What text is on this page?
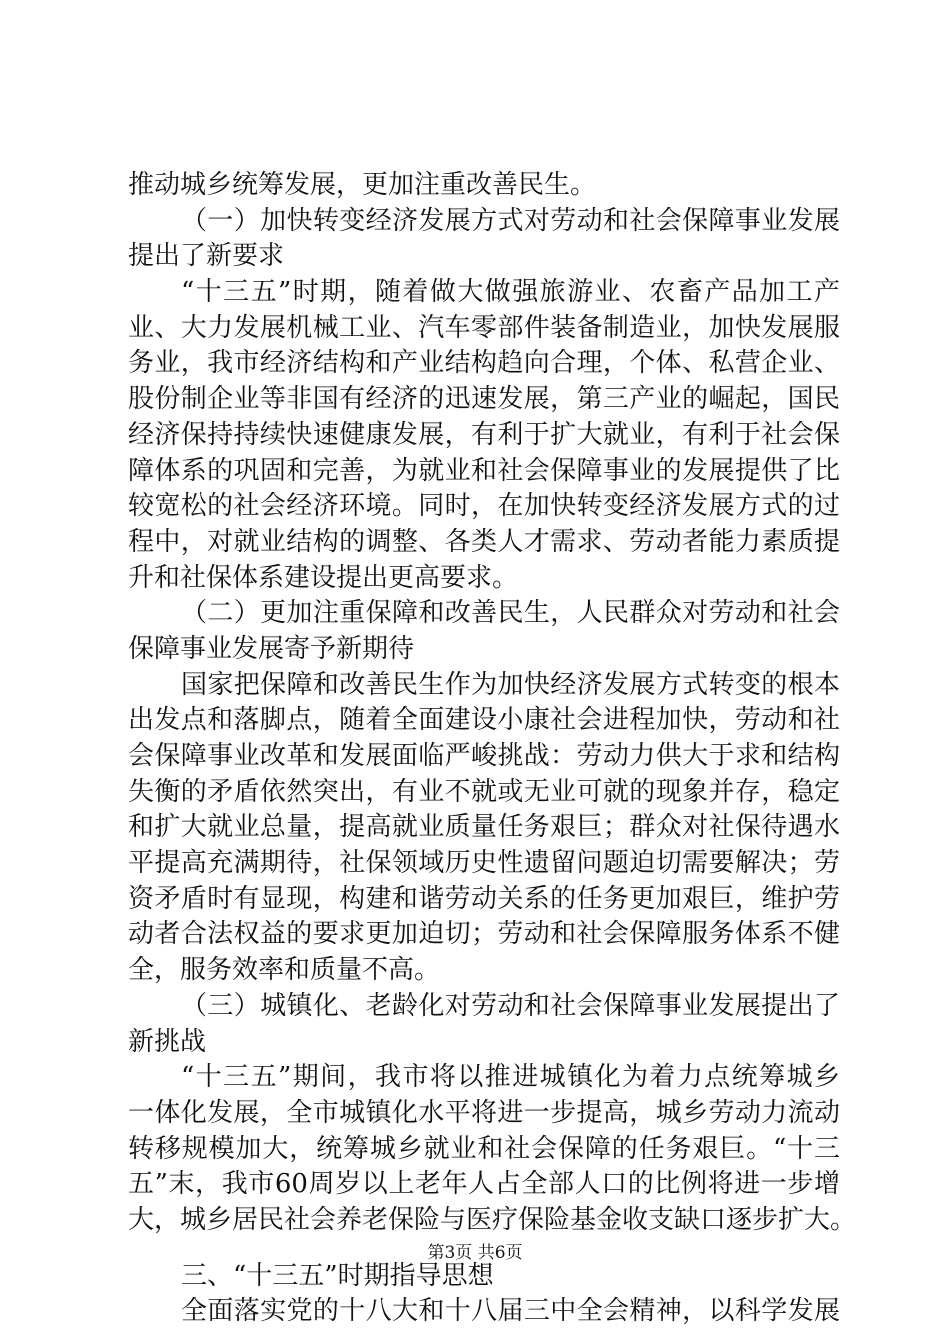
推动城乡统筹发展，更加注重改善民生。
（一）加快转变经济发展方式对劳动和社会保障事业发展
提出了新要求
“十三五”时期，随着做大做强旅游业、农畜产品加工产
业、大力发展机械工业、汽车零部件装备制造业，加快发展服
务业，我市经济结构和产业结构趋向合理，个体、私营企业、
股份制企业等非国有经济的迅速发展，第三产业的崛起，国民
经济保持持续快速健康发展，有利于扩大就业，有利于社会保
障体系的巩固和完善，为就业和社会保障事业的发展提供了比
较宽松的社会经济环境。同时，在加快转变经济发展方式的过
程中，对就业结构的调整、各类人才需求、劳动者能力素质提
升和社保体系建设提出更高要求。
（二）更加注重保障和改善民生，人民群众对劳动和社会
保障事业发展寄予新期待
国家把保障和改善民生作为加快经济发展方式转变的根本
出发点和落脚点，随着全面建设小康社会进程加快，劳动和社
会保障事业改革和发展面临严峻挑战：劳动力供大于求和结构
失衡的矛盾依然突出，有业不就或无业可就的现象并存，稳定
和扩大就业总量，提高就业质量任务艰巨；群众对社保待遇水
平提高充满期待，社保领域历史性遗留问题迫切需要解决；劳
资矛盾时有显现，构建和谐劳动关系的任务更加艰巨，维护劳
动者合法权益的要求更加迫切；劳动和社会保障服务体系不健
全，服务效率和质量不高。
（三）城镇化、老龄化对劳动和社会保障事业发展提出了
新挑战
“十三五”期间，我市将以推进城镇化为着力点统筹城乡
一体化发展，全市城镇化水平将进一步提高，城乡劳动力流动
转移规模加大，统筹城乡就业和社会保障的任务艰巨。“十三
五”末，我市60周岁以上老年人占全部人口的比例将进一步增
大，城乡居民社会养老保险与医疗保险基金收支缺口逐步扩大。
三、“十三五”时期指导思想
全面落实党的十八大和十八届三中全会精神，以科学发展
第3页 共6页
